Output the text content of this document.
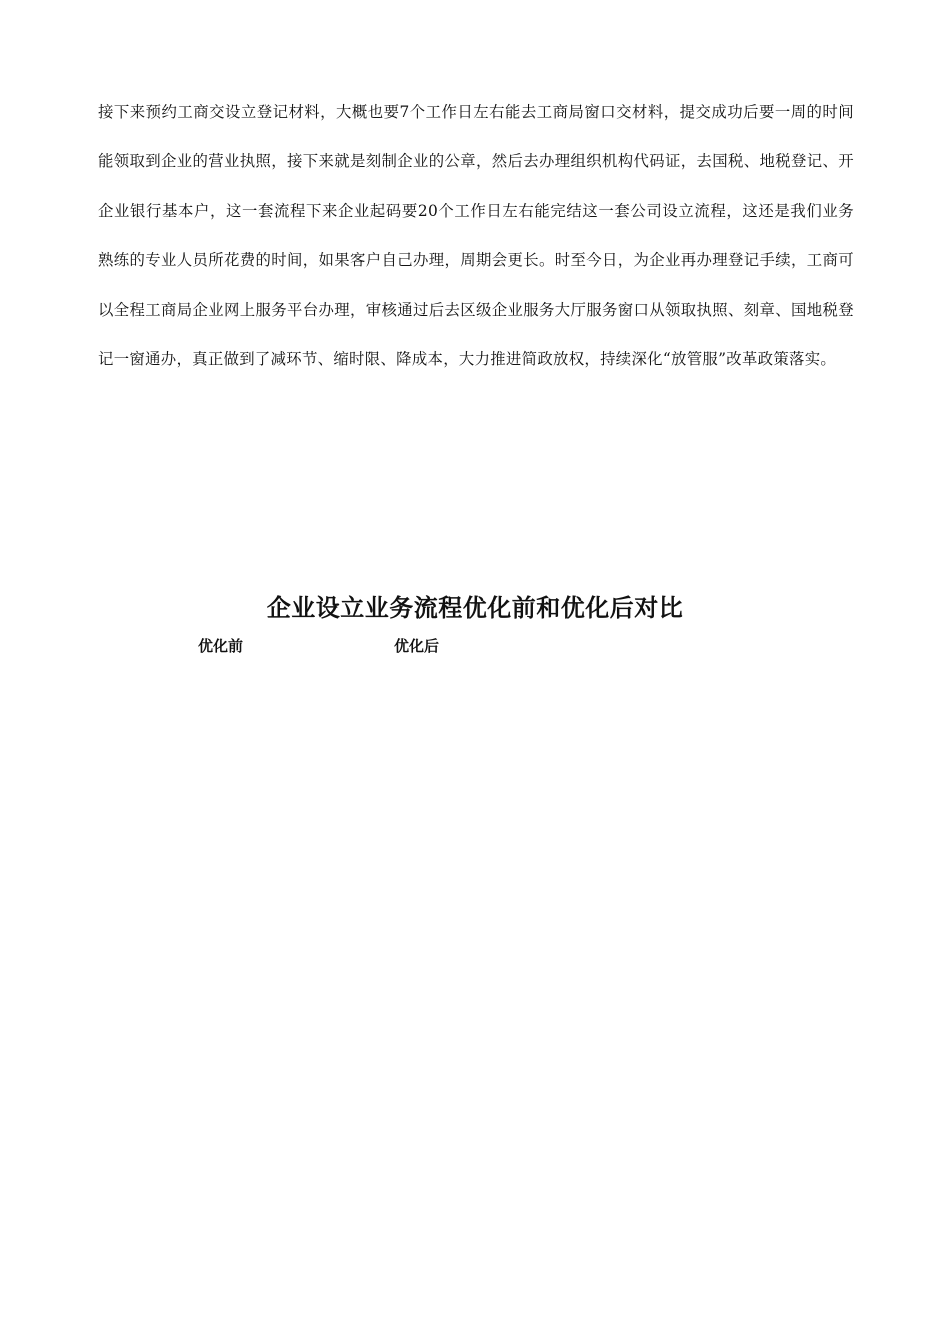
接下来预约工商交设立登记材料，大概也要7个工作日左右能去工商局窗口交材料，提交成功后要一周的时间能领取到企业的营业执照，接下来就是刻制企业的公章，然后去办理组织机构代码证，去国税、地税登记、开企业银行基本户，这一套流程下来企业起码要20个工作日左右能完结这一套公司设立流程，这还是我们业务熟练的专业人员所花费的时间，如果客户自己办理，周期会更长。时至今日，为企业再办理登记手续，工商可以全程工商局企业网上服务平台办理，审核通过后去区级企业服务大厅服务窗口从领取执照、刻章、国地税登记一窗通办，真正做到了减环节、缩时限、降成本，大力推进简政放权，持续深化“放管服”改革政策落实。

企业设立业务流程优化前和优化后对比
优化前	优化后
